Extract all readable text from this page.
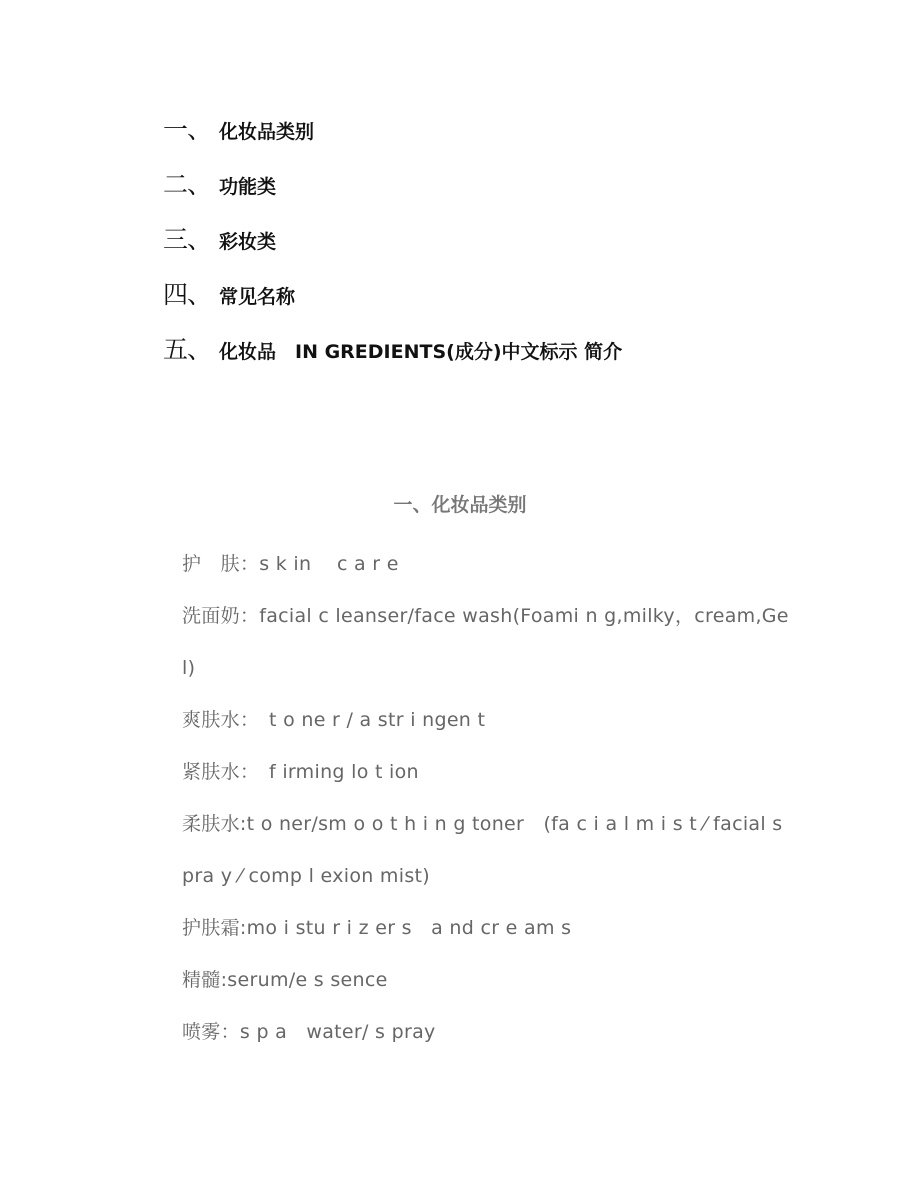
一、 化妆品类别
二、 功能类
三、 彩妆类
四、 常见名称
五、 化妆品　IN GREDIENTS(成分)中文标示 简介
一、化妆品类别
护　肤：s k in　 c a r e
洗面奶：facial c leanser/face wash(Foami n g,milky，cream,Gel)
爽肤水：　t o ne r / a str i ngen t
紧肤水：　f irming lo t ion
柔肤水:t o ner/sm o o t h i n g toner　(fa c i a l m i s t ⁄ facial s pra y ⁄ comp l exion mist)
护肤霜:mo i stu r i z er s　a nd cr e am s
精髓:serum/e s sence
喷雾：s p a　water/ s pray
